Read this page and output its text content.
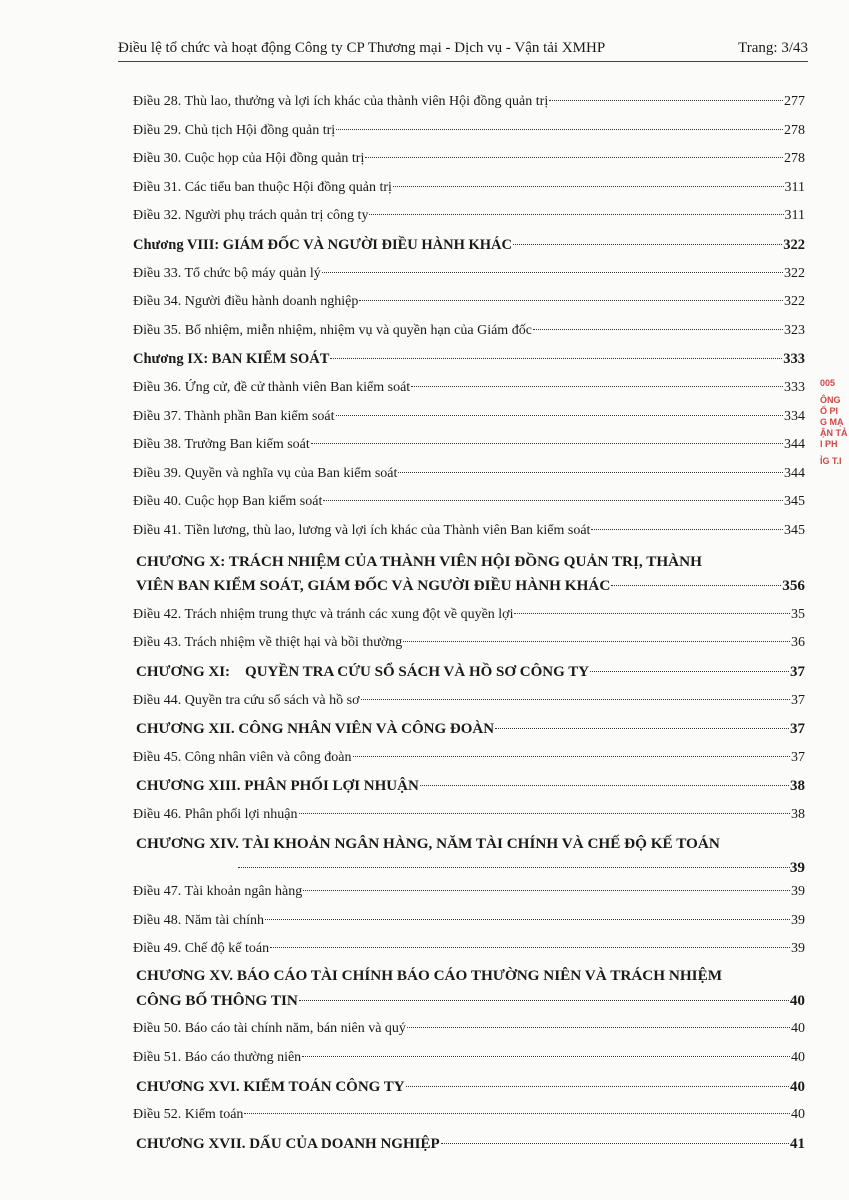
Điều lệ tổ chức và hoạt động Công ty CP Thương mại - Dịch vụ - Vận tải XMHP	Trang: 3/43
Điều 28. Thù lao, thưởng và lợi ích khác của thành viên Hội đồng quản trị	277
Điều 29. Chủ tịch Hội đồng quản trị	278
Điều 30. Cuộc họp của Hội đồng quản trị	278
Điều 31. Các tiểu ban thuộc Hội đồng quản trị	311
Điều 32. Người phụ trách quản trị công ty	311
Chương VIII: GIÁM ĐỐC VÀ NGƯỜI ĐIỀU HÀNH KHÁC	322
Điều 33. Tổ chức bộ máy quản lý	322
Điều 34. Người điều hành doanh nghiệp	322
Điều 35. Bổ nhiệm, miễn nhiệm, nhiệm vụ và quyền hạn của Giám đốc	323
Chương IX: BAN KIỂM SOÁT	333
Điều 36. Ứng cử, đề cử thành viên Ban kiểm soát	333
Điều 37. Thành phần Ban kiểm soát	334
Điều 38. Trưởng Ban kiểm soát	344
Điều 39. Quyền và nghĩa vụ của Ban kiểm soát	344
Điều 40. Cuộc họp Ban kiểm soát	345
Điều 41. Tiền lương, thù lao, lương và lợi ích khác của Thành viên Ban kiểm soát	345
CHƯƠNG X: TRÁCH NHIỆM CỦA THÀNH VIÊN HỘI ĐỒNG QUẢN TRỊ, THÀNH
VIÊN BAN KIỂM SOÁT, GIÁM ĐỐC VÀ NGƯỜI ĐIỀU HÀNH KHÁC	356
Điều 42. Trách nhiệm trung thực và tránh các xung đột về quyền lợi	35
Điều 43. Trách nhiệm về thiệt hại và bồi thường	36
CHƯƠNG XI:    QUYỀN TRA CỨU SỔ SÁCH VÀ HỒ SƠ CÔNG TY	37
Điều 44. Quyền tra cứu sổ sách và hồ sơ	37
CHƯƠNG XII. CÔNG NHÂN VIÊN VÀ CÔNG ĐOÀN	37
Điều 45. Công nhân viên và công đoàn	37
CHƯƠNG XIII. PHÂN PHỐI LỢI NHUẬN	38
Điều 46. Phân phối lợi nhuận	38
CHƯƠNG XIV. TÀI KHOẢN NGÂN HÀNG, NĂM TÀI CHÍNH VÀ CHẾ ĐỘ KẾ TOÁN
39
Điều 47. Tài khoản ngân hàng	39
Điều 48. Năm tài chính	39
Điều 49. Chế độ kế toán	39
CHƯƠNG XV. BÁO CÁO TÀI CHÍNH BÁO CÁO THƯỜNG NIÊN VÀ TRÁCH NHIỆM
CÔNG BỐ THÔNG TIN	40
Điều 50. Báo cáo tài chính năm, bán niên và quý	40
Điều 51. Báo cáo thường niên	40
CHƯƠNG XVI. KIỂM TOÁN CÔNG TY	40
Điều 52. Kiểm toán	40
CHƯƠNG XVII. DẤU CỦA DOANH NGHIỆP	41
005
ÔNG
Ổ PI
G MẠ
ẬN TẢ
I PH
ỈG T.I
